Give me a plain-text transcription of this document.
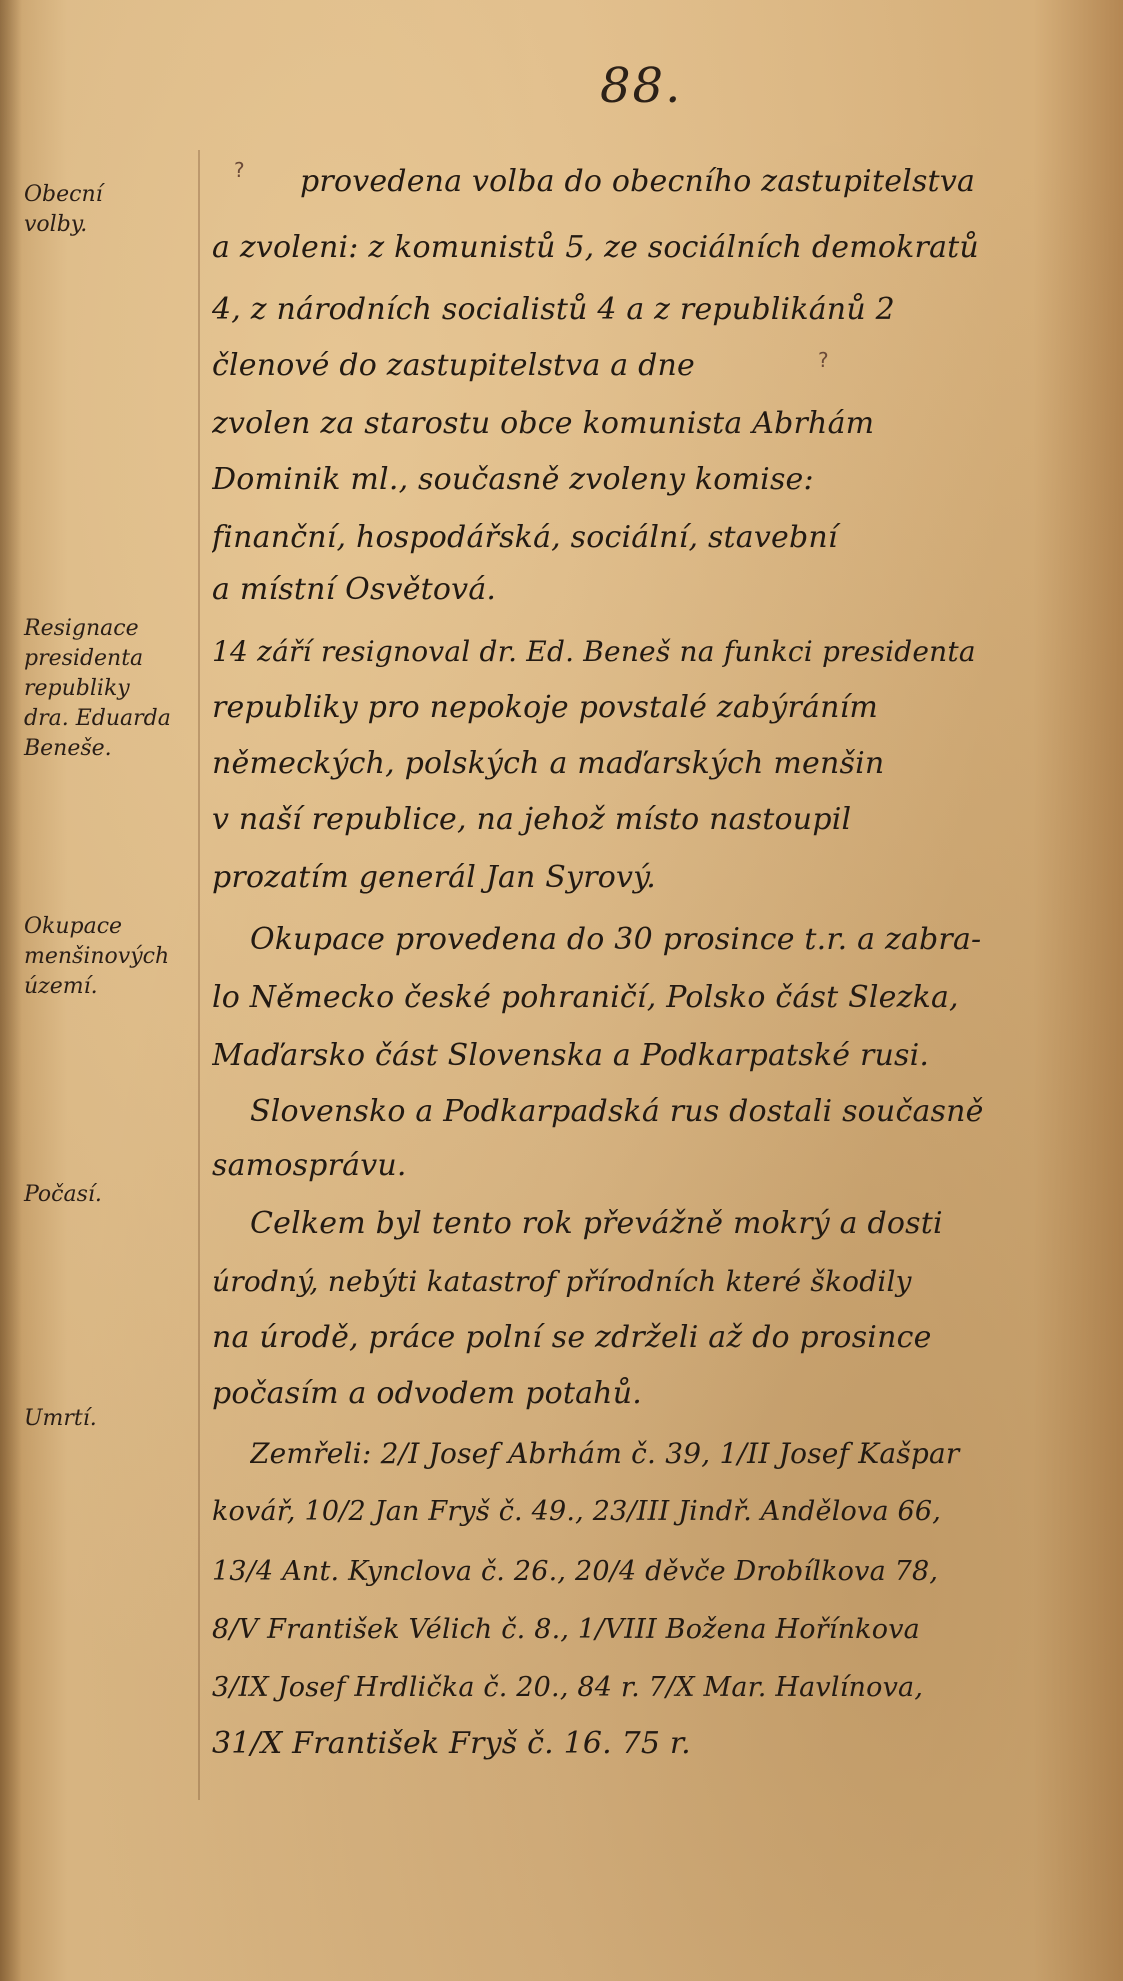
88.
?
?
Obecní
volby.
Resignace
presidenta
republiky
dra. Eduarda
Beneše.
Okupace
menšinových
území.
Počasí.
Umrtí.
provedena volba do obecního zastupitelstva
a zvoleni: z komunistů 5, ze sociálních demokratů
4, z národních socialistů 4 a z republikánů 2
členové do zastupitelstva a dne
zvolen za starostu obce komunista Abrhám
Dominik ml., současně zvoleny komise:
finanční, hospodářská, sociální, stavební
a místní Osvětová.
14 září resignoval dr. Ed. Beneš na funkci presidenta
republiky pro nepokoje povstalé zabýráním
německých, polských a maďarských menšin
v naší republice, na jehož místo nastoupil
prozatím generál Jan Syrový.
Okupace provedena do 30 prosince t.r. a zabra-
lo Německo české pohraničí, Polsko část Slezka,
Maďarsko část Slovenska a Podkarpatské rusi.
Slovensko a Podkarpadská rus dostali současně
samosprávu.
Celkem byl tento rok převážně mokrý a dosti
úrodný, nebýti katastrof přírodních které škodily
na úrodě, práce polní se zdrželi až do prosince
počasím a odvodem potahů.
Zemřeli: 2/I Josef Abrhám č. 39, 1/II Josef Kašpar
kovář, 10/2 Jan Fryš č. 49., 23/III Jindř. Andělova 66,
13/4 Ant. Kynclova č. 26., 20/4 děvče Drobílkova 78,
8/V František Vélich č. 8., 1/VIII Božena Hořínkova
3/IX Josef Hrdlička č. 20., 84 r. 7/X Mar. Havlínova,
31/X František Fryš č. 16. 75 r.
